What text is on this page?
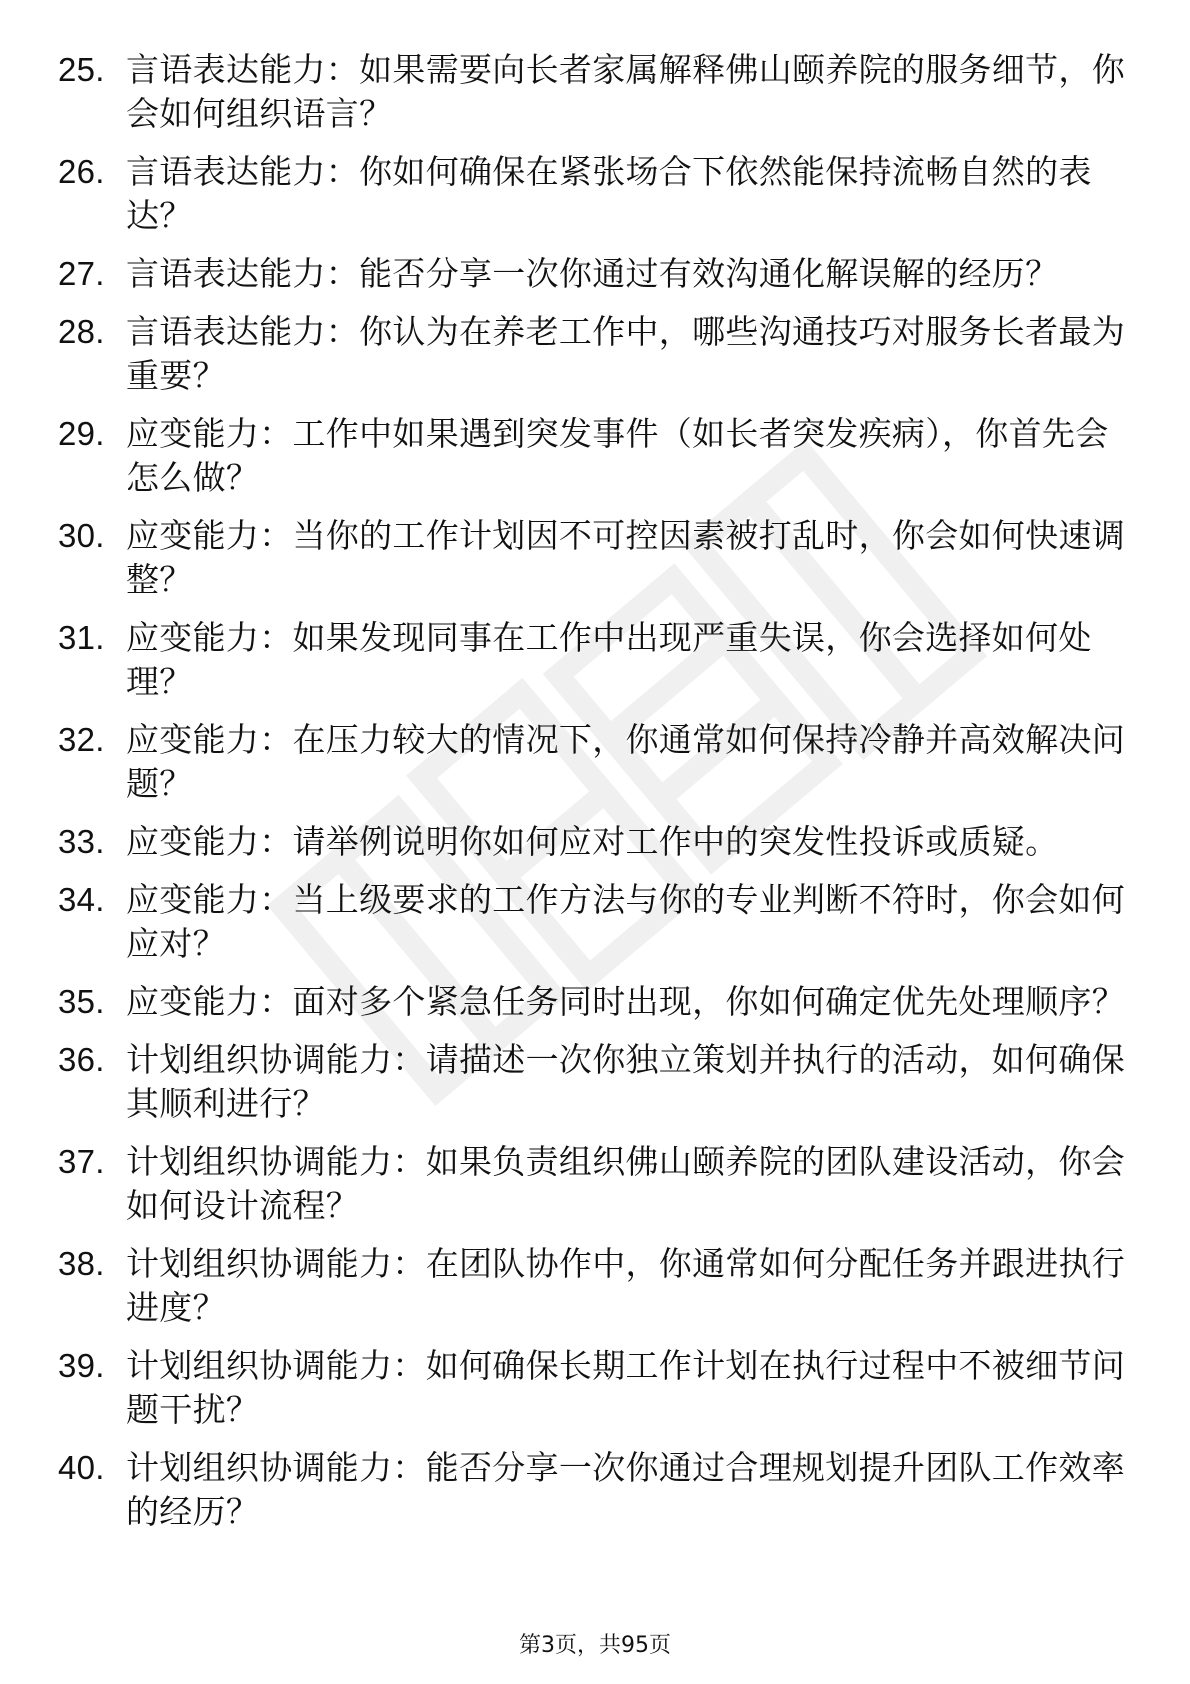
25. 言语表达能力：如果需要向长者家属解释佛山颐养院的服务细节，你会如何组织语言？
26. 言语表达能力：你如何确保在紧张场合下依然能保持流畅自然的表达？
27. 言语表达能力：能否分享一次你通过有效沟通化解误解的经历？
28. 言语表达能力：你认为在养老工作中，哪些沟通技巧对服务长者最为重要？
29. 应变能力：工作中如果遇到突发事件（如长者突发疾病），你首先会怎么做？
30. 应变能力：当你的工作计划因不可控因素被打乱时，你会如何快速调整？
31. 应变能力：如果发现同事在工作中出现严重失误，你会选择如何处理？
32. 应变能力：在压力较大的情况下，你通常如何保持冷静并高效解决问题？
33. 应变能力：请举例说明你如何应对工作中的突发性投诉或质疑。
34. 应变能力：当上级要求的工作方法与你的专业判断不符时，你会如何应对？
35. 应变能力：面对多个紧急任务同时出现，你如何确定优先处理顺序？
36. 计划组织协调能力：请描述一次你独立策划并执行的活动，如何确保其顺利进行？
37. 计划组织协调能力：如果负责组织佛山颐养院的团队建设活动，你会如何设计流程？
38. 计划组织协调能力：在团队协作中，你通常如何分配任务并跟进执行进度？
39. 计划组织协调能力：如何确保长期工作计划在执行过程中不被细节问题干扰？
40. 计划组织协调能力：能否分享一次你通过合理规划提升团队工作效率的经历？
第3页，共95页
